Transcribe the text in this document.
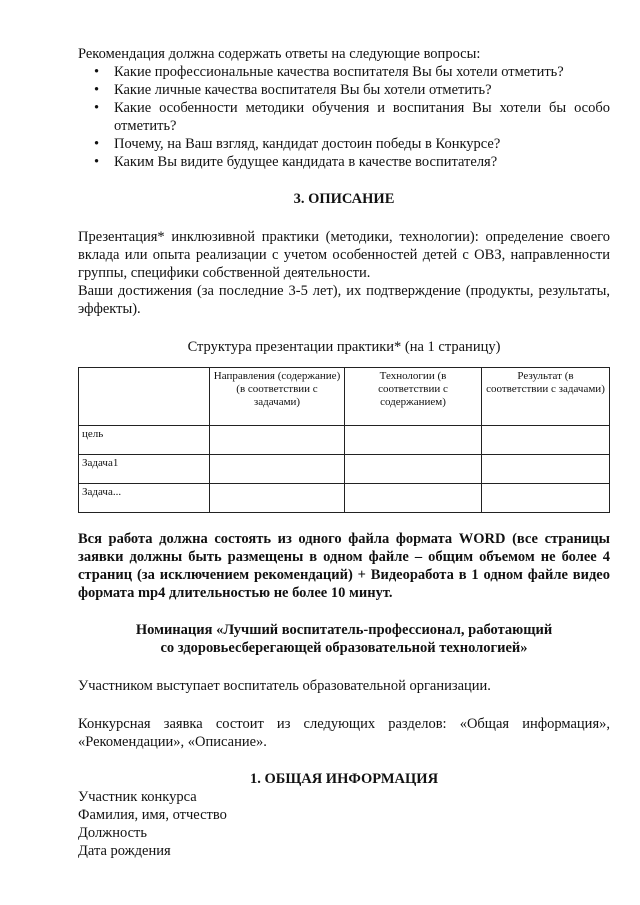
Рекомендация должна содержать ответы на следующие вопросы:

• Какие профессиональные качества воспитателя Вы бы хотели отметить?
• Какие личные качества воспитателя Вы бы хотели отметить?
• Какие особенности методики обучения и воспитания Вы хотели бы особо отметить?
• Почему, на Ваш взгляд, кандидат достоин победы в Конкурсе?
• Каким Вы видите будущее кандидата в качестве воспитателя?

3. ОПИСАНИЕ

Презентация* инклюзивной практики (методики, технологии): определение своего вклада или опыта реализации с учетом особенностей детей с ОВЗ, направленности группы, специфики собственной деятельности.

Ваши достижения (за последние 3-5 лет), их подтверждение (продукты, результаты, эффекты).

Структура презентации практики* (на 1 страницу)

	Направления (содержание) (в соответствии с задачами)	Технологии (в соответствии с содержанием)	Результат (в соответствии с задачами)
цель			
Задача1			
Задача...			

Вся работа должна состоять из одного файла формата WORD (все страницы заявки должны быть размещены в одном файле – общим объемом не более 4 страниц (за исключением рекомендаций) + Видеоработа в 1 одном файле видео формата mp4 длительностью не более 10 минут.

Номинация «Лучший воспитатель-профессионал, работающий

со здоровьесберегающей образовательной технологией»

Участником выступает воспитатель образовательной организации.

Конкурсная заявка состоит из следующих разделов: «Общая информация», «Рекомендации», «Описание».

1. ОБЩАЯ ИНФОРМАЦИЯ

Участник конкурса

Фамилия, имя, отчество

Должность

Дата рождения
